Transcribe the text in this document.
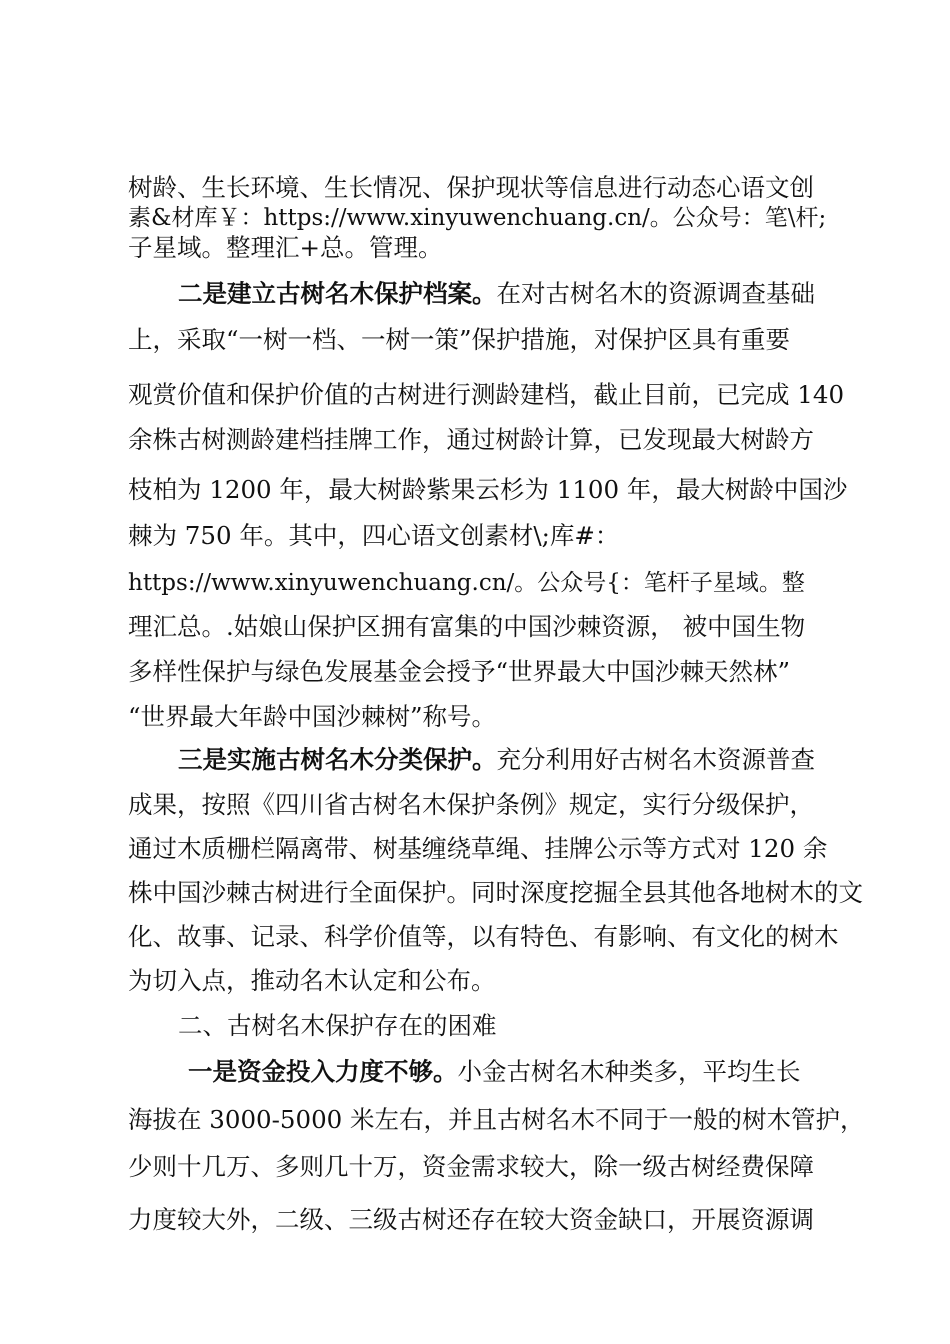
树龄、生长环境、生长情况、保护现状等信息进行动态心语文创
素&材库￥：https://www.xinyuwenchuang.cn/。公众号：笔\杆;
子星域。整理汇+总。管理。
二是建立古树名木保护档案。在对古树名木的资源调查基础
上，采取“一树一档、一树一策”保护措施，对保护区具有重要
观赏价值和保护价值的古树进行测龄建档，截止目前，已完成 140
余株古树测龄建档挂牌工作，通过树龄计算，已发现最大树龄方
枝柏为 1200 年，最大树龄紫果云杉为 1100 年，最大树龄中国沙
棘为 750 年。其中，四心语文创素材\;库#：
https://www.xinyuwenchuang.cn/。公众号{：笔杆子星域。整
理汇总。.姑娘山保护区拥有富集的中国沙棘资源， 被中国生物
多样性保护与绿色发展基金会授予“世界最大中国沙棘天然林”
“世界最大年龄中国沙棘树”称号。
三是实施古树名木分类保护。充分利用好古树名木资源普查
成果，按照《四川省古树名木保护条例》规定，实行分级保护，
通过木质栅栏隔离带、树基缠绕草绳、挂牌公示等方式对 120 余
株中国沙棘古树进行全面保护。同时深度挖掘全县其他各地树木的文
化、故事、记录、科学价值等，以有特色、有影响、有文化的树木
为切入点，推动名木认定和公布。
二、古树名木保护存在的困难
一是资金投入力度不够。小金古树名木种类多，平均生长
海拔在 3000-5000 米左右，并且古树名木不同于一般的树木管护，
少则十几万、多则几十万，资金需求较大，除一级古树经费保障
力度较大外，二级、三级古树还存在较大资金缺口，开展资源调
